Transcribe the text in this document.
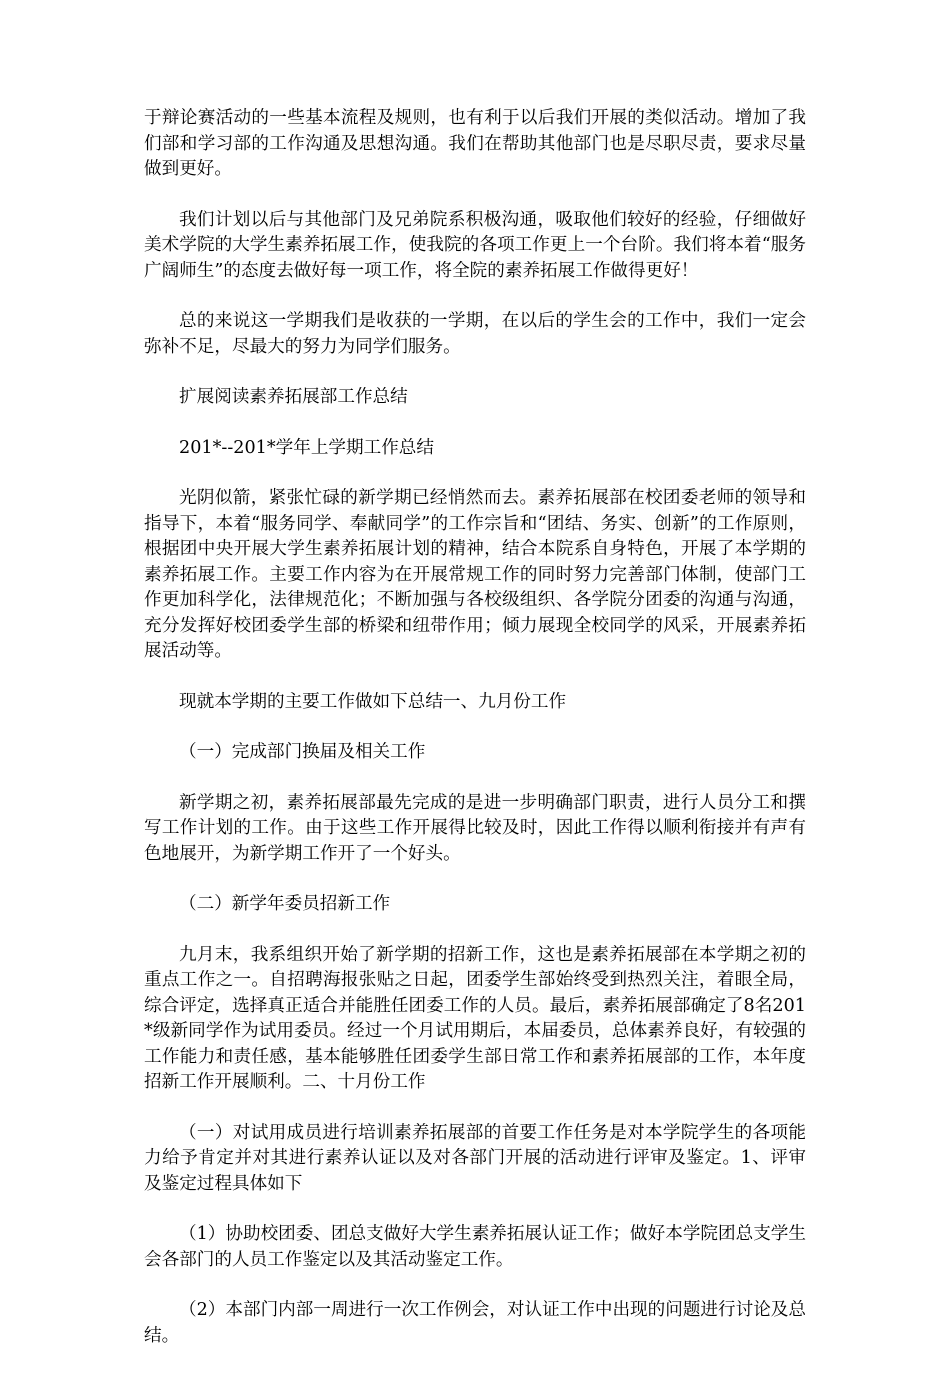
于辩论赛活动的一些基本流程及规则，也有利于以后我们开展的类似活动。增加了我们部和学习部的工作沟通及思想沟通。我们在帮助其他部门也是尽职尽责，要求尽量做到更好。

我们计划以后与其他部门及兄弟院系积极沟通，吸取他们较好的经验，仔细做好美术学院的大学生素养拓展工作，使我院的各项工作更上一个台阶。我们将本着“服务广阔师生”的态度去做好每一项工作，将全院的素养拓展工作做得更好！

总的来说这一学期我们是收获的一学期，在以后的学生会的工作中，我们一定会弥补不足，尽最大的努力为同学们服务。

扩展阅读素养拓展部工作总结

201*--201*学年上学期工作总结

光阴似箭，紧张忙碌的新学期已经悄然而去。素养拓展部在校团委老师的领导和指导下，本着“服务同学、奉献同学”的工作宗旨和“团结、务实、创新”的工作原则，根据团中央开展大学生素养拓展计划的精神，结合本院系自身特色，开展了本学期的素养拓展工作。主要工作内容为在开展常规工作的同时努力完善部门体制，使部门工作更加科学化，法律规范化；不断加强与各校级组织、各学院分团委的沟通与沟通，充分发挥好校团委学生部的桥梁和纽带作用；倾力展现全校同学的风采，开展素养拓展活动等。

现就本学期的主要工作做如下总结一、九月份工作

（一）完成部门换届及相关工作

新学期之初，素养拓展部最先完成的是进一步明确部门职责，进行人员分工和撰写工作计划的工作。由于这些工作开展得比较及时，因此工作得以顺利衔接并有声有色地展开，为新学期工作开了一个好头。

（二）新学年委员招新工作

九月末，我系组织开始了新学期的招新工作，这也是素养拓展部在本学期之初的重点工作之一。自招聘海报张贴之日起，团委学生部始终受到热烈关注，着眼全局，综合评定，选择真正适合并能胜任团委工作的人员。最后，素养拓展部确定了8名201*级新同学作为试用委员。经过一个月试用期后，本届委员，总体素养良好，有较强的工作能力和责任感，基本能够胜任团委学生部日常工作和素养拓展部的工作，本年度招新工作开展顺利。二、十月份工作

（一）对试用成员进行培训素养拓展部的首要工作任务是对本学院学生的各项能力给予肯定并对其进行素养认证以及对各部门开展的活动进行评审及鉴定。1、评审及鉴定过程具体如下

（1）协助校团委、团总支做好大学生素养拓展认证工作；做好本学院团总支学生会各部门的人员工作鉴定以及其活动鉴定工作。

（2）本部门内部一周进行一次工作例会，对认证工作中出现的问题进行讨论及总结。
